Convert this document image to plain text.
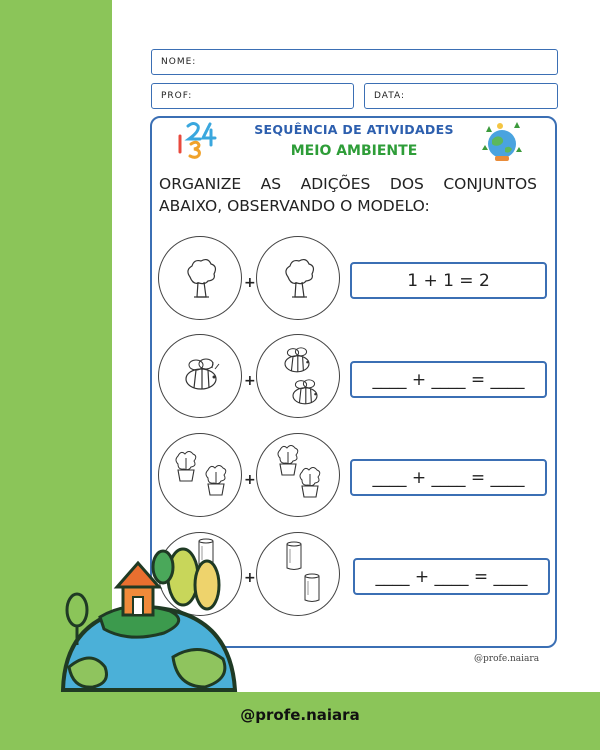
NOME:
PROF:	DATA:
SEQUÊNCIA DE ATIVIDADES
MEIO AMBIENTE
ORGANIZE AS ADIÇÕES DOS CONJUNTOS
ABAIXO, OBSERVANDO O MODELO:
+	1 + 1 = 2
+	____ + ____ = ____
+	____ + ____ = ____
+	____ + ____ = ____
@profe.naiara
@profe.naiara
